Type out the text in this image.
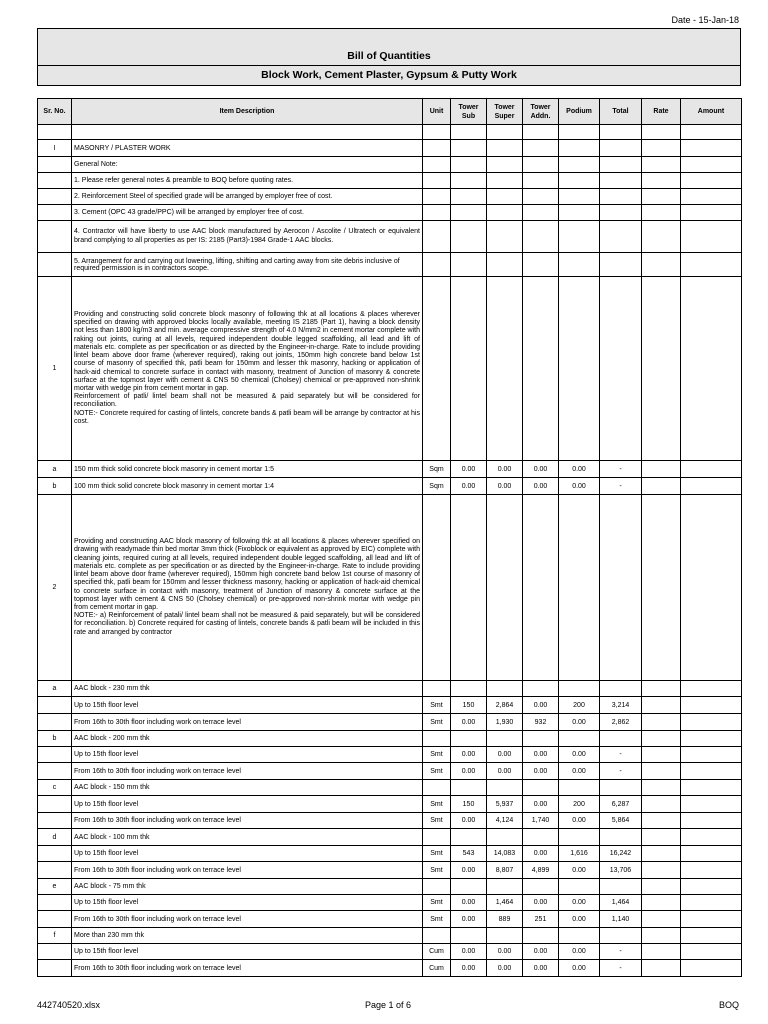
Date - 15-Jan-18
Bill of Quantities
Block Work, Cement Plaster, Gypsum & Putty Work
Sr. No.	Item Description	Unit	Tower Sub	Tower Super	Tower Addn.	Podium	Total	Rate	Amount

I	MASONRY / PLASTER WORK								
	General Note:								
	1. Please refer general notes & preamble to BOQ before quoting rates.								
	2. Reinforcement Steel of specified grade will be arranged by employer free of cost.								
	3. Cement (OPC 43 grade/PPC) will be arranged by employer free of cost.								
	4. Contractor will have liberty to use AAC block manufactured by Aerocon / Ascolite / Ultratech or equivalent brand complying to all properties as per IS: 2185 (Part3)-1984 Grade-1 AAC blocks.								
	5. Arrangement for and carrying out lowering, lifting, shifting and carting away from site debris inclusive of required permission is in contractors scope.								
1	Providing and constructing solid concrete block masonry of following thk at all locations & places wherever specified on drawing with approved blocks locally available, meeting IS 2185 (Part 1), having a block density not less than 1800 kg/m3 and min. average compressive strength of 4.0 N/mm2 in cement mortar complete with raking out joints, curing at all levels, required independent double legged scaffolding, all lead and lift of materials etc. complete as per specification or as directed by the Engineer-in-charge. Rate to include providing lintel beam above door frame (wherever required), raking out joints, 150mm high concrete band below 1st course of masonry of specified thk, patli beam for 150mm and lesser thk masonry, hacking or application of hack-aid chemical to concrete surface in contact with masonry, treatment of Junction of masonry & concrete surface at the topmost layer with cement & CNS 50 chemical (Cholsey) chemical or pre-approved non-shrink mortar with wedge pin from cement mortar in gap.
Reinforcement of patli/ lintel beam shall not be measured & paid separately but will be considered for reconciliation.
NOTE:- Concrete required for casting of lintels, concrete bands & patli beam will be arrange by contractor at his cost.								
a	150 mm thick solid concrete block masonry in cement mortar 1:5	Sqm	0.00	0.00	0.00	0.00	-		
b	100 mm thick solid concrete block masonry in cement mortar 1:4	Sqm	0.00	0.00	0.00	0.00	-		
2	Providing and constructing AAC block masonry of following thk at all locations & places wherever specified on drawing with readymade thin bed mortar 3mm thick (Fixoblock or equivalent as approved by EIC) complete with cleaning joints, required curing at all levels, required independent double legged scaffolding, all lead and lift of materials etc. complete as per specification or as directed by the Engineer-in-charge. Rate to include providing lintel beam above door frame (wherever required), 150mm high concrete band below 1st course of masonry of specified thk, patli beam for 150mm and lesser thickness masonry, hacking or application of hack-aid chemical to concrete surface in contact with masonry, treatment of Junction of masonry & concrete surface at the topmost layer with cement & CNS 50 (Cholsey chemical) or pre-approved non-shrink mortar with wedge pin from cement mortar in gap.
NOTE:- a) Reinforcement of patali/ lintel beam shall not be measured & paid separately, but will be considered for reconciliation. b) Concrete required for casting of lintels, concrete bands & patli beam will be included in this rate and arranged by contractor								
a	AAC block - 230 mm thk								
	Up to 15th floor level	Smt	150	2,864	0.00	200	3,214		
	From 16th to 30th floor including work on terrace level	Smt	0.00	1,930	932	0.00	2,862		
b	AAC block - 200 mm thk								
	Up to 15th floor level	Smt	0.00	0.00	0.00	0.00	-		
	From 16th to 30th floor including work on terrace level	Smt	0.00	0.00	0.00	0.00	-		
c	AAC block - 150 mm thk								
	Up to 15th floor level	Smt	150	5,937	0.00	200	6,287		
	From 16th to 30th floor including work on terrace level	Smt	0.00	4,124	1,740	0.00	5,864		
d	AAC block - 100 mm thk								
	Up to 15th floor level	Smt	543	14,083	0.00	1,616	16,242		
	From 16th to 30th floor including work on terrace level	Smt	0.00	8,807	4,899	0.00	13,706		
e	AAC block - 75 mm thk								
	Up to 15th floor level	Smt	0.00	1,464	0.00	0.00	1,464		
	From 16th to 30th floor including work on terrace level	Smt	0.00	889	251	0.00	1,140		
f	More than 230 mm thk								
	Up to 15th floor level	Cum	0.00	0.00	0.00	0.00	-		
	From 16th to 30th floor including work on terrace level	Cum	0.00	0.00	0.00	0.00	-		
442740520.xlsx	Page 1 of 6	BOQ
